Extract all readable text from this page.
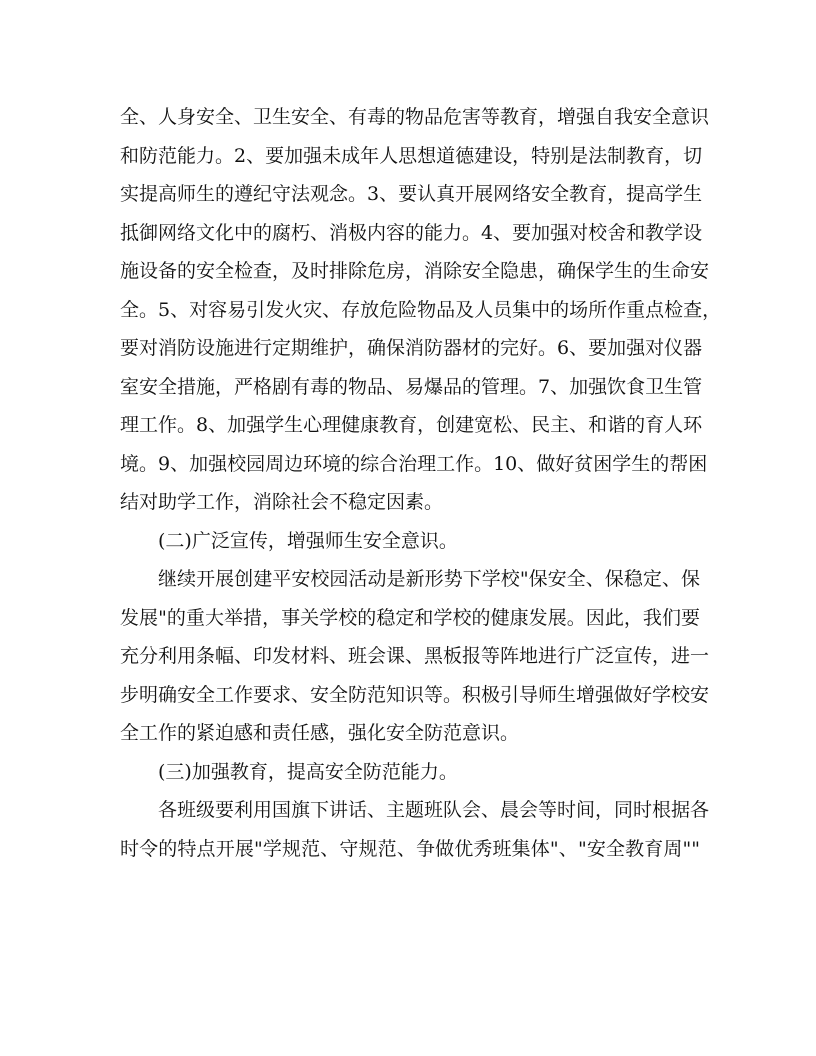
全、人身安全、卫生安全、有毒的物品危害等教育，增强自我安全意识
和防范能力。2、要加强未成年人思想道德建设，特别是法制教育，切
实提高师生的遵纪守法观念。3、要认真开展网络安全教育，提高学生
抵御网络文化中的腐朽、消极内容的能力。4、要加强对校舍和教学设
施设备的安全检查，及时排除危房，消除安全隐患，确保学生的生命安
全。5、对容易引发火灾、存放危险物品及人员集中的场所作重点检查，
要对消防设施进行定期维护，确保消防器材的完好。6、要加强对仪器
室安全措施，严格剧有毒的物品、易爆品的管理。7、加强饮食卫生管
理工作。8、加强学生心理健康教育，创建宽松、民主、和谐的育人环
境。9、加强校园周边环境的综合治理工作。10、做好贫困学生的帮困
结对助学工作，消除社会不稳定因素。
(二)广泛宣传，增强师生安全意识。
继续开展创建平安校园活动是新形势下学校"保安全、保稳定、保
发展"的重大举措，事关学校的稳定和学校的健康发展。因此，我们要
充分利用条幅、印发材料、班会课、黑板报等阵地进行广泛宣传，进一
步明确安全工作要求、安全防范知识等。积极引导师生增强做好学校安
全工作的紧迫感和责任感，强化安全防范意识。
(三)加强教育，提高安全防范能力。
各班级要利用国旗下讲话、主题班队会、晨会等时间，同时根据各
时令的特点开展"学规范、守规范、争做优秀班集体"、"安全教育周""
